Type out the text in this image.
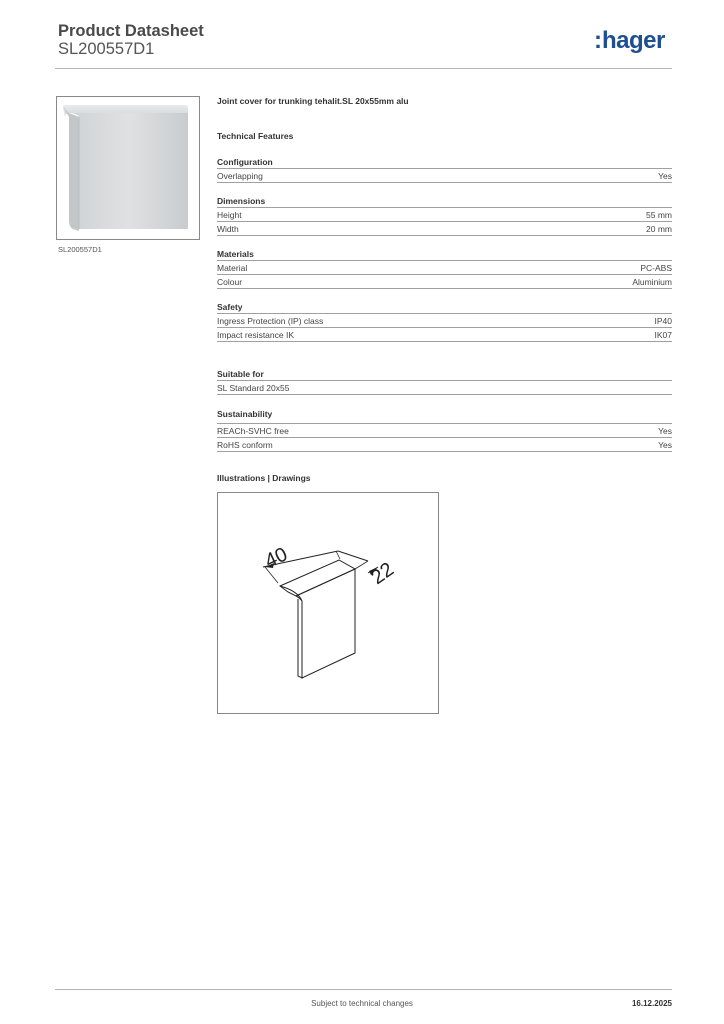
Product Datasheet
SL200557D1	:hager
SL200557D1
Joint cover for trunking tehalit.SL 20x55mm alu
Technical Features
Configuration
Overlapping	Yes
Dimensions
Height	55 mm
Width	20 mm
Materials
Material	PC-ABS
Colour	Aluminium
Safety
Ingress Protection (IP) class	IP40
Impact resistance IK	IK07
Suitable for
SL Standard 20x55
Sustainability
REACh-SVHC free	Yes
RoHS conform	Yes
Illustrations | Drawings
40
22
Subject to technical changes	16.12.2025
